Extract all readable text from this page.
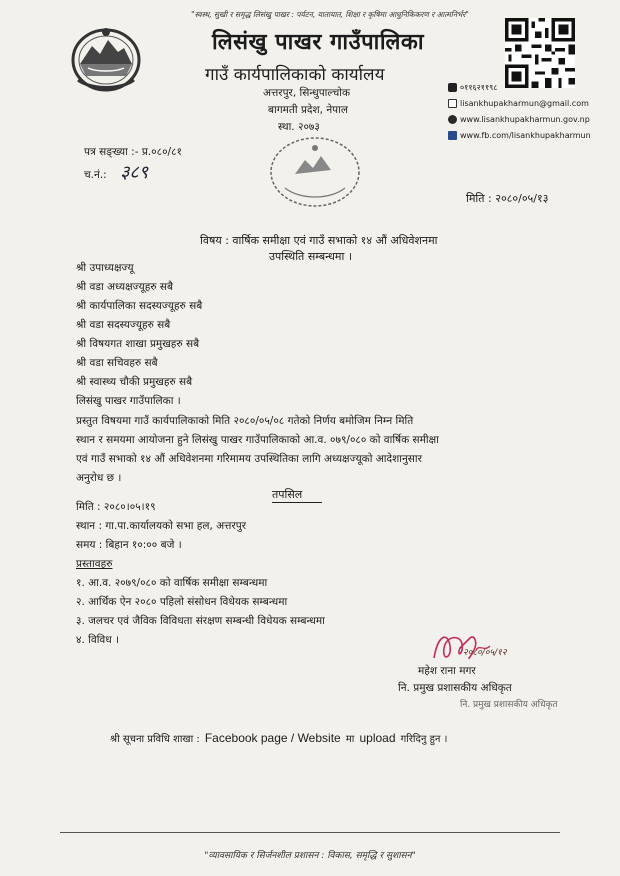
"स्वस्थ, सुखी र समृद्ध लिसंखु पाखर : पर्यटन, यातायात, शिक्षा र कृषिमा आधुनिकिकरण र आत्मनिर्भर"
लिसंखु पाखर गाउँपालिका
गाउँ कार्यपालिकाको कार्यालय
अत्तरपुर, सिन्धुपाल्चोक
बागमती प्रदेश, नेपाल
स्था. २०७३
०११६२११९८
lisankhupakharmun@gmail.com
www.lisankhupakharmun.gov.np
www.fb.com/lisankhupakharmun
पत्र सङ्ख्या :- प्र.०८०/८१
च.नं.: ३८९
मिति : २०८०/०५/१३
विषय : वार्षिक समीक्षा एवं गाउँ सभाको १४ औं अधिवेशनमा
उपस्थिति सम्बन्धमा ।
श्री उपाध्यक्षज्यू
श्री वडा अध्यक्षज्यूहरु सबै
श्री कार्यपालिका सदस्यज्यूहरु सबै
श्री वडा सदस्यज्यूहरु सबै
श्री विषयगत शाखा प्रमुखहरु सबै
श्री वडा सचिवहरु सबै
श्री स्वास्थ्य चौकी प्रमुखहरु सबै
लिसंखु पाखर गाउँपालिका ।
प्रस्तुत विषयमा गाउँ कार्यपालिकाको मिति २०८०/०५/०८ गतेको निर्णय बमोजिम निम्न मिति
स्थान र समयमा आयोजना हुने लिसंखु पाखर गाउँपालिकाको आ.व. ०७९/०८० को वार्षिक समीक्षा
एवं गाउँ सभाको १४ औं अधिवेशनमा गरिमामय उपस्थितिका लागि अध्यक्षज्यूको आदेशानुसार
अनुरोध छ ।
तपसिल
मिति : २०८०।०५।१९
स्थान : गा.पा.कार्यालयको सभा हल, अत्तरपुर
समय : बिहान १०:०० बजे ।
प्रस्तावहरु
१. आ.व. २०७९/०८० को वार्षिक समीक्षा सम्बन्धमा
२. आर्थिक ऐन २०८० पहिलो संसोधन विधेयक सम्बन्धमा
३. जलचर एवं जैविक विविधता संरक्षण सम्बन्धी विधेयक सम्बन्धमा
४. विविध ।
२०८०/०५/१२
महेश राना मगर
नि. प्रमुख प्रशासकीय अधिकृत
नि. प्रमुख प्रशासकीय अधिकृत
श्री सूचना प्रविधि शाखा : Facebook page / Website मा upload गरिदिनु हुन ।
"व्यावसायिक र सिर्जनशील प्रशासन : विकास, समृद्धि र सुशासन"
